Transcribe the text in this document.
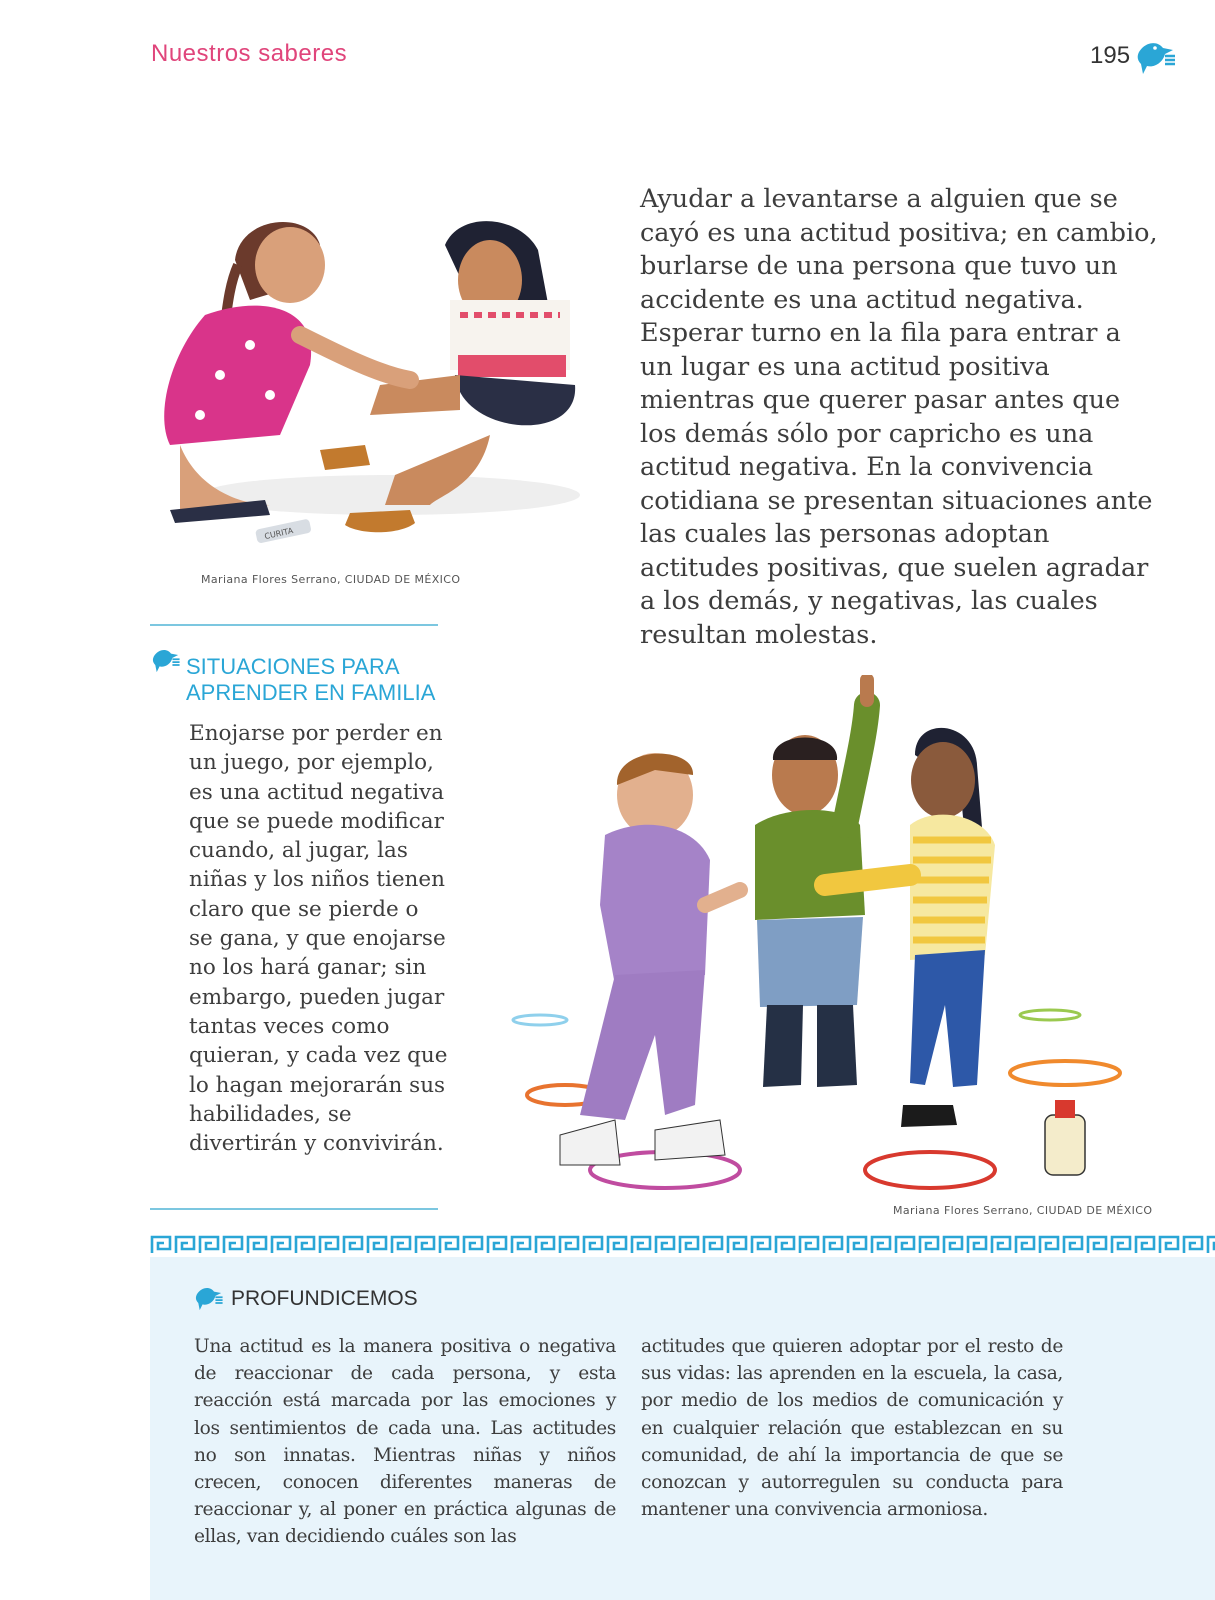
Nuestros saberes	195
CURITA
Mariana Flores Serrano, CIUDAD DE MÉXICO

Ayudar a levantarse a alguien que se cayó es una actitud positiva; en cambio, burlarse de una persona que tuvo un accidente es una actitud negativa. Esperar turno en la fila para entrar a un lugar es una actitud positiva mientras que querer pasar antes que los demás sólo por capricho es una actitud negativa. En la convivencia cotidiana se presentan situaciones ante las cuales las personas adoptan actitudes positivas, que suelen agradar a los demás, y negativas, las cuales resultan molestas.

SITUACIONES PARA APRENDER EN FAMILIA

Enojarse por perder en un juego, por ejemplo, es una actitud negativa que se puede modificar cuando, al jugar, las niñas y los niños tienen claro que se pierde o se gana, y que enojarse no los hará ganar; sin embargo, pueden jugar tantas veces como quieran, y cada vez que lo hagan mejorarán sus habilidades, se divertirán y convivirán.

Mariana Flores Serrano, CIUDAD DE MÉXICO

PROFUNDICEMOS

Una actitud es la manera positiva o negativa de reaccionar de cada persona, y esta reacción está marcada por las emociones y los sentimientos de cada una. Las actitudes no son innatas. Mientras niñas y niños crecen, conocen diferentes maneras de reaccionar y, al poner en práctica algunas de ellas, van decidiendo cuáles son las

actitudes que quieren adoptar por el resto de sus vidas: las aprenden en la escuela, la casa, por medio de los medios de comunicación y en cualquier relación que establezcan en su comunidad, de ahí la importancia de que se conozcan y autorregulen su conducta para mantener una convivencia armoniosa.
